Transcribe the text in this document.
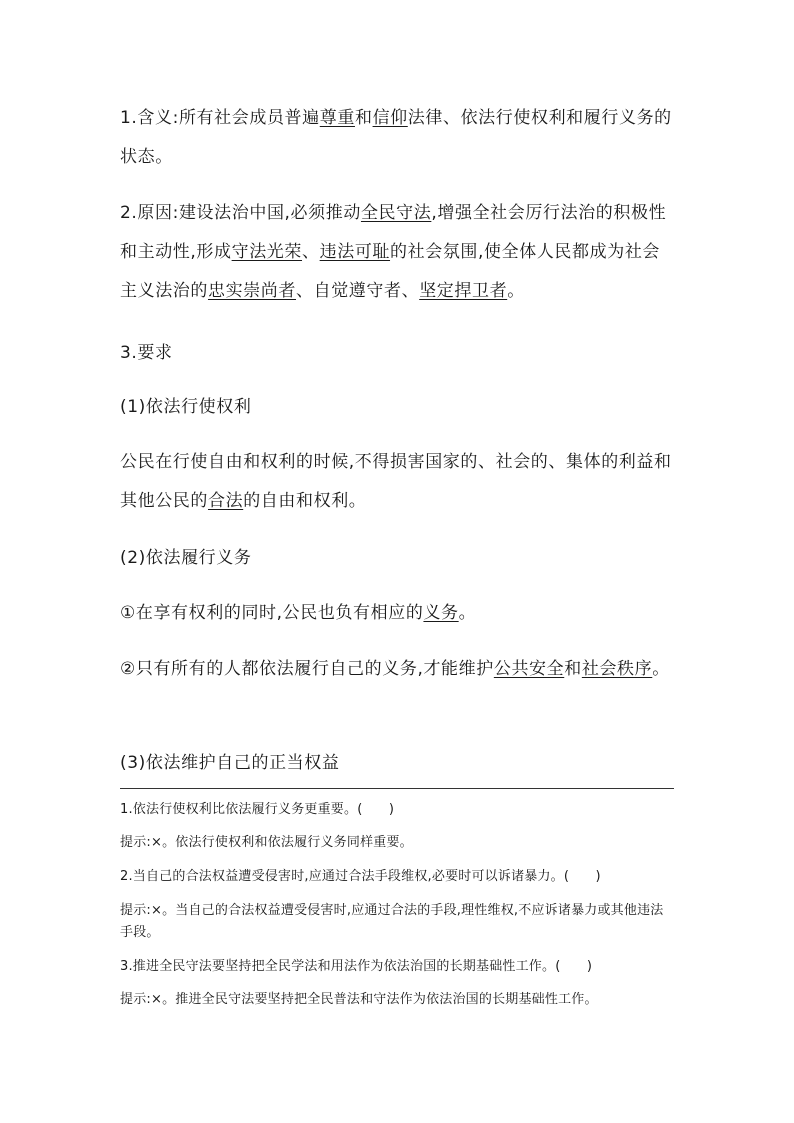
1.含义:所有社会成员普遍尊重和信仰法律、依法行使权利和履行义务的状态。
2.原因:建设法治中国,必须推动全民守法,增强全社会厉行法治的积极性和主动性,形成守法光荣、违法可耻的社会氛围,使全体人民都成为社会主义法治的忠实崇尚者、自觉遵守者、坚定捍卫者。
3.要求
(1)依法行使权利
公民在行使自由和权利的时候,不得损害国家的、社会的、集体的利益和其他公民的合法的自由和权利。
(2)依法履行义务
①在享有权利的同时,公民也负有相应的义务。
②只有所有的人都依法履行自己的义务,才能维护公共安全和社会秩序。
(3)依法维护自己的正当权益
1.依法行使权利比依法履行义务更重要。(　　)
提示:×。依法行使权利和依法履行义务同样重要。
2.当自己的合法权益遭受侵害时,应通过合法手段维权,必要时可以诉诸暴力。(　　)
提示:×。当自己的合法权益遭受侵害时,应通过合法的手段,理性维权,不应诉诸暴力或其他违法手段。
3.推进全民守法要坚持把全民学法和用法作为依法治国的长期基础性工作。(　　)
提示:×。推进全民守法要坚持把全民普法和守法作为依法治国的长期基础性工作。
